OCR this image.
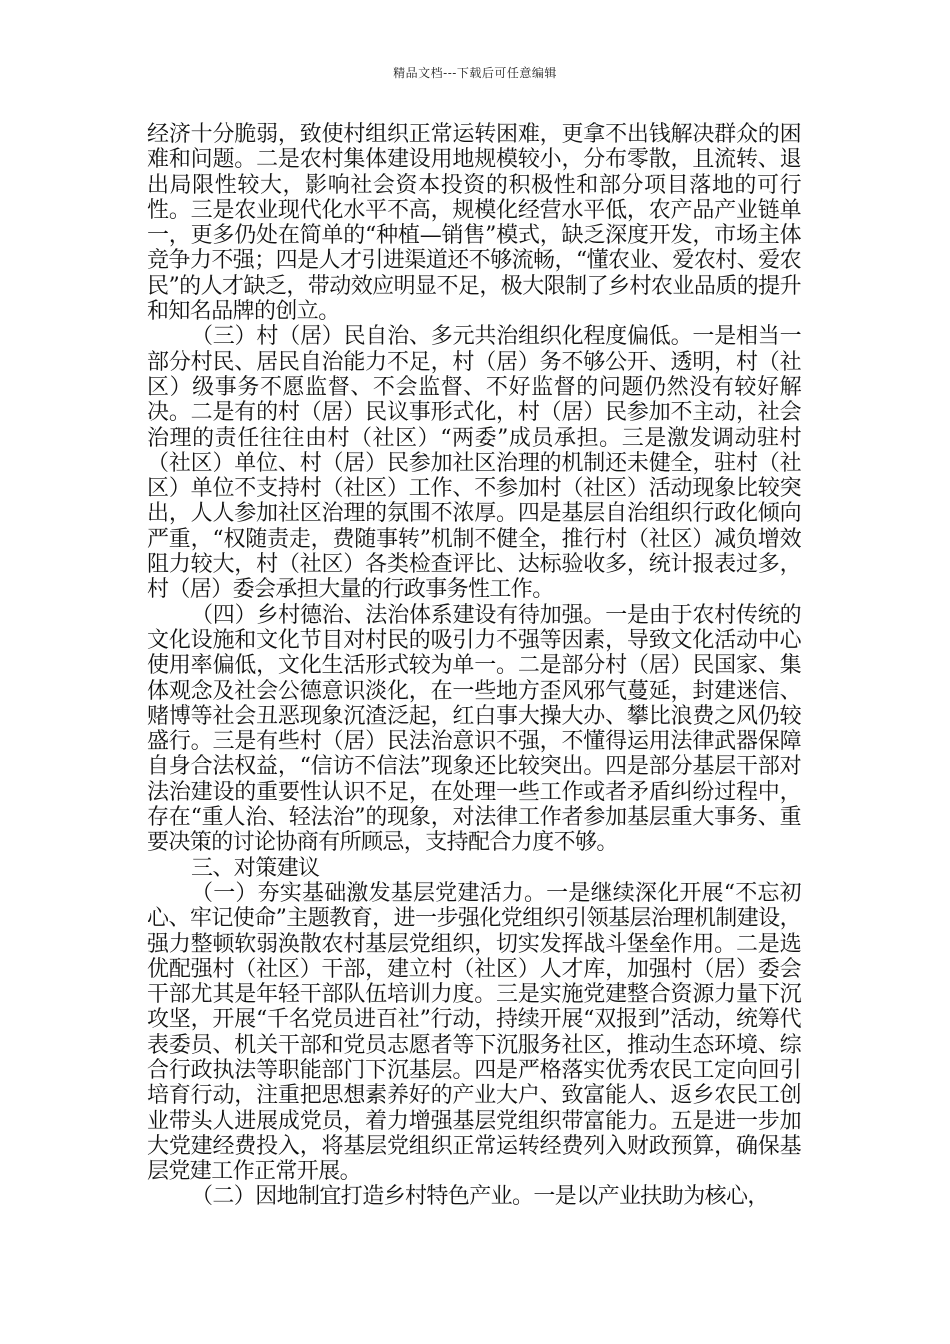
精品文档---下载后可任意编辑

经济十分脆弱，致使村组织正常运转困难，更拿不出钱解决群众的困难和问题。二是农村集体建设用地规模较小，分布零散，且流转、退出局限性较大，影响社会资本投资的积极性和部分项目落地的可行性。三是农业现代化水平不高，规模化经营水平低，农产品产业链单一，更多仍处在简单的“种植—销售”模式，缺乏深度开发，市场主体竞争力不强；四是人才引进渠道还不够流畅，“懂农业、爱农村、爱农民”的人才缺乏，带动效应明显不足，极大限制了乡村农业品质的提升和知名品牌的创立。

（三）村（居）民自治、多元共治组织化程度偏低。一是相当一部分村民、居民自治能力不足，村（居）务不够公开、透明，村（社区）级事务不愿监督、不会监督、不好监督的问题仍然没有较好解决。二是有的村（居）民议事形式化，村（居）民参加不主动，社会治理的责任往往由村（社区）“两委”成员承担。三是激发调动驻村（社区）单位、村（居）民参加社区治理的机制还未健全，驻村（社区）单位不支持村（社区）工作、不参加村（社区）活动现象比较突出，人人参加社区治理的氛围不浓厚。四是基层自治组织行政化倾向严重，“权随责走，费随事转”机制不健全，推行村（社区）减负增效阻力较大，村（社区）各类检查评比、达标验收多，统计报表过多，村（居）委会承担大量的行政事务性工作。

（四）乡村德治、法治体系建设有待加强。一是由于农村传统的文化设施和文化节目对村民的吸引力不强等因素，导致文化活动中心使用率偏低，文化生活形式较为单一。二是部分村（居）民国家、集体观念及社会公德意识淡化，在一些地方歪风邪气蔓延，封建迷信、赌博等社会丑恶现象沉渣泛起，红白事大操大办、攀比浪费之风仍较盛行。三是有些村（居）民法治意识不强，不懂得运用法律武器保障自身合法权益，“信访不信法”现象还比较突出。四是部分基层干部对法治建设的重要性认识不足，在处理一些工作或者矛盾纠纷过程中，存在“重人治、轻法治”的现象，对法律工作者参加基层重大事务、重要决策的讨论协商有所顾忌，支持配合力度不够。

三、对策建议

（一）夯实基础激发基层党建活力。一是继续深化开展“不忘初心、牢记使命”主题教育，进一步强化党组织引领基层治理机制建设，强力整顿软弱涣散农村基层党组织，切实发挥战斗堡垒作用。二是选优配强村（社区）干部，建立村（社区）人才库，加强村（居）委会干部尤其是年轻干部队伍培训力度。三是实施党建整合资源力量下沉攻坚，开展“千名党员进百社”行动，持续开展“双报到”活动，统筹代表委员、机关干部和党员志愿者等下沉服务社区，推动生态环境、综合行政执法等职能部门下沉基层。四是严格落实优秀农民工定向回引培育行动，注重把思想素养好的产业大户、致富能人、返乡农民工创业带头人进展成党员，着力增强基层党组织带富能力。五是进一步加大党建经费投入，将基层党组织正常运转经费列入财政预算，确保基层党建工作正常开展。

（二）因地制宜打造乡村特色产业。一是以产业扶助为核心，
